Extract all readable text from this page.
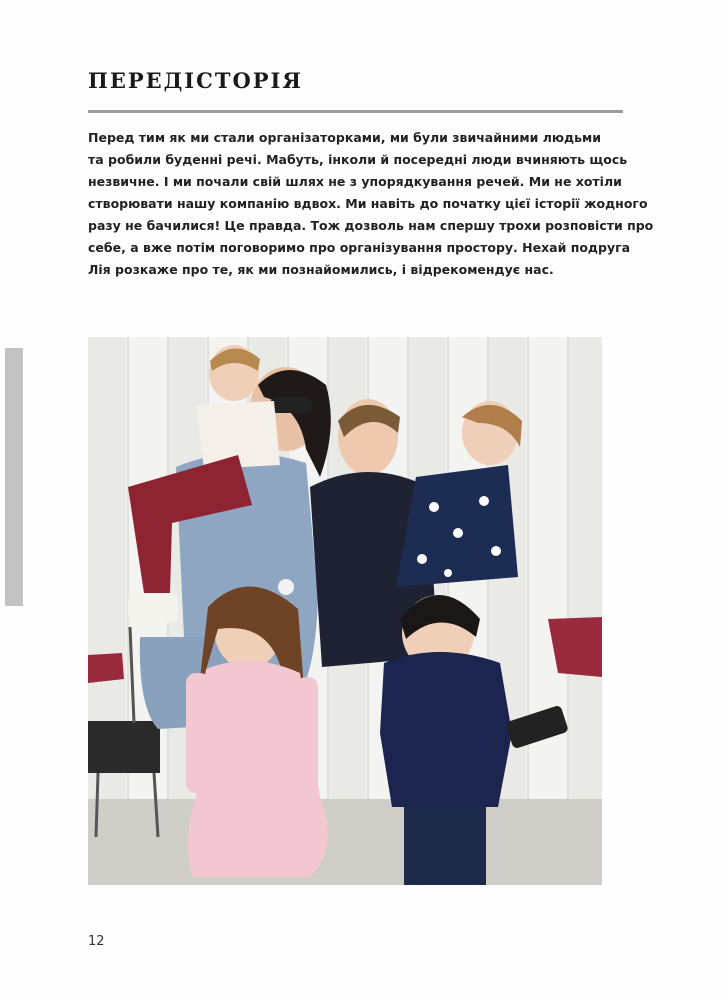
ПЕРЕДІСТОРІЯ

Перед тим як ми стали організаторками, ми були звичайними людьми
та робили буденні речі. Мабуть, інколи й посередні люди вчиняють щось
незвичне. І ми почали свій шлях не з упорядкування речей. Ми не хотіли
створювати нашу компанію вдвох. Ми навіть до початку цієї історії жодного
разу не бачилися! Це правда. Тож дозволь нам спершу трохи розповісти про
себе, а вже потім поговоримо про організування простору. Нехай подруга
Лія розкаже про те, як ми познайомились, і відрекомендує нас.

12
